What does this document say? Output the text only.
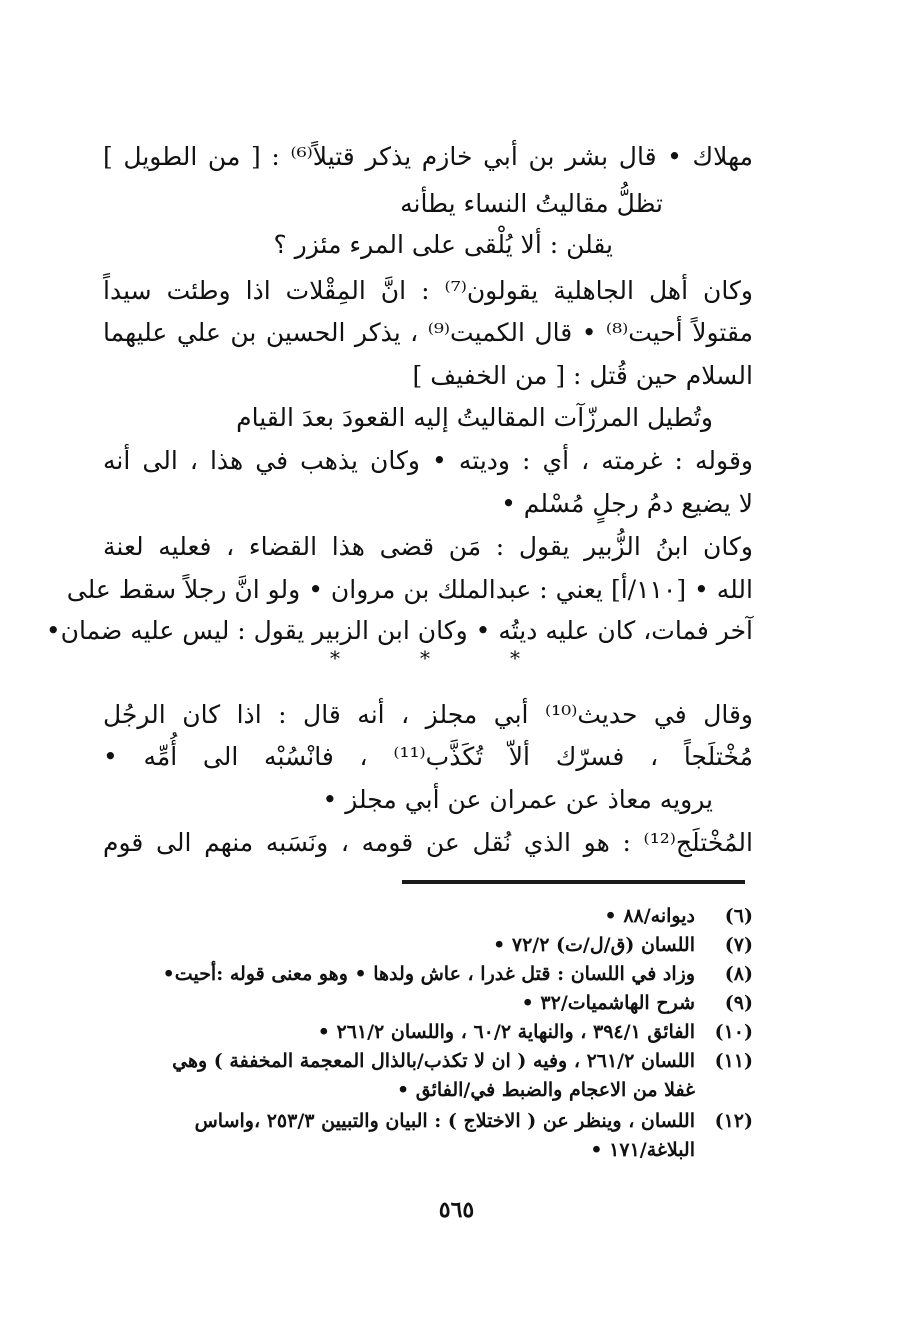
مهلاك • قال بشر بن أبي خازم يذكر قتيلاً⁽⁶⁾ : [ من الطويل ]
تظلُّ مقاليتُ النساء يطأنه
يقلن : ألا يُلْقى على المرء مئزر ؟
وكان أهل الجاهلية يقولون⁽⁷⁾ : انَّ المِقْلات اذا وطئت سيداً
مقتولاً أحيت⁽⁸⁾ • قال الكميت⁽⁹⁾ ، يذكر الحسين بن علي عليهما
السلام حين قُتل : [ من الخفيف ]
وتُطيل المرزّآت المقاليتُ إليه القعودَ بعدَ القيام
وقوله : غرمته ، أي : وديته • وكان يذهب في هذا ، الى أنه
لا يضيع دمُ رجلٍ مُسْلم •
وكان ابنُ الزُّبير يقول : مَن قضى هذا القضاء ، فعليه لعنة
الله • [١١٠/أ] يعني : عبدالملك بن مروان • ولو انَّ رجلاً سقط على
آخر فمات، كان عليه ديتُه • وكان ابن الزبير يقول : ليس عليه ضمان•
*	*	*
وقال في حديث⁽¹⁰⁾ أبي مجلز ، أنه قال : اذا كان الرجُل
مُخْتلَجاً ، فسرّك ألاّ تُكَذَّب⁽¹¹⁾ ، فانْسُبْه الى أُمِّه •
يرويه معاذ عن عمران عن أبي مجلز •
المُخْتلَج⁽¹²⁾ : هو الذي نُقل عن قومه ، ونَسَبه منهم الى قوم
(٦)ديوانه/٨٨ •
(٧)اللسان (ق/ل/ت) ٧٢/٢ •
(٨)وزاد في اللسان : قتل غدرا ، عاش ولدها • وهو معنى قوله :أحيت•
(٩)شرح الهاشميات/٣٢ •
(١٠)الفائق ٣٩٤/١ ، والنهاية ٦٠/٢ ، واللسان ٢٦١/٢ •
(١١)اللسان ٢٦١/٢ ، وفيه ( ان لا تكذب/بالذال المعجمة المخففة ) وهي
غفلا من الاعجام والضبط في/الفائق •
(١٢)اللسان ، وينظر عن ( الاختلاج ) : البيان والتبيين ٢٥٣/٣ ،واساس
البلاغة/١٧١ •
٥٦٥
